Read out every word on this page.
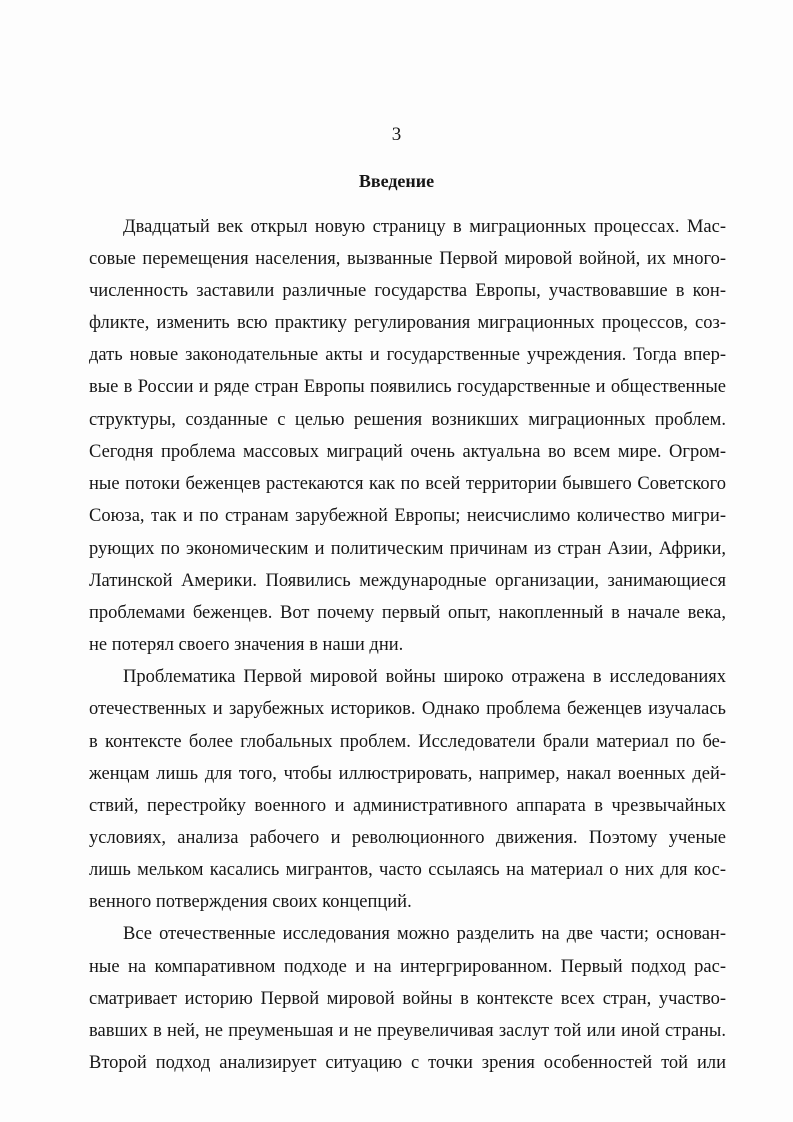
3
Введение
Двадцатый век открыл новую страницу в миграционных процессах. Мас-
совые перемещения населения, вызванные Первой мировой войной, их много-
численность заставили различные государства Европы, участвовавшие в кон-
фликте, изменить всю практику регулирования миграционных процессов, соз-
дать новые законодательные акты и государственные учреждения. Тогда впер-
вые в России и ряде стран Европы появились государственные и общественные
структуры, созданные с целью решения возникших миграционных проблем.
Сегодня проблема массовых миграций очень актуальна во всем мире. Огром-
ные потоки беженцев растекаются как по всей территории бывшего Советского
Союза, так и по странам зарубежной Европы; неисчислимо количество мигри-
рующих по экономическим и политическим причинам из стран Азии, Африки,
Латинской Америки. Появились международные организации, занимающиеся
проблемами беженцев. Вот почему первый опыт, накопленный в начале века,
не потерял своего значения в наши дни.
Проблематика Первой мировой войны широко отражена в исследованиях
отечественных и зарубежных историков. Однако проблема беженцев изучалась
в контексте более глобальных проблем. Исследователи брали материал по бе-
женцам лишь для того, чтобы иллюстрировать, например, накал военных дей-
ствий, перестройку военного и административного аппарата в чрезвычайных
условиях, анализа рабочего и революционного движения. Поэтому ученые
лишь мельком касались мигрантов, часто ссылаясь на материал о них для кос-
венного потверждения своих концепций.
Все отечественные исследования можно разделить на две части; основан-
ные на компаративном подходе и на интергрированном. Первый подход рас-
сматривает историю Первой мировой войны в контексте всех стран, участво-
вавших в ней, не преуменьшая и не преувеличивая заслут той или иной страны.
Второй подход анализирует ситуацию с точки зрения особенностей той или
